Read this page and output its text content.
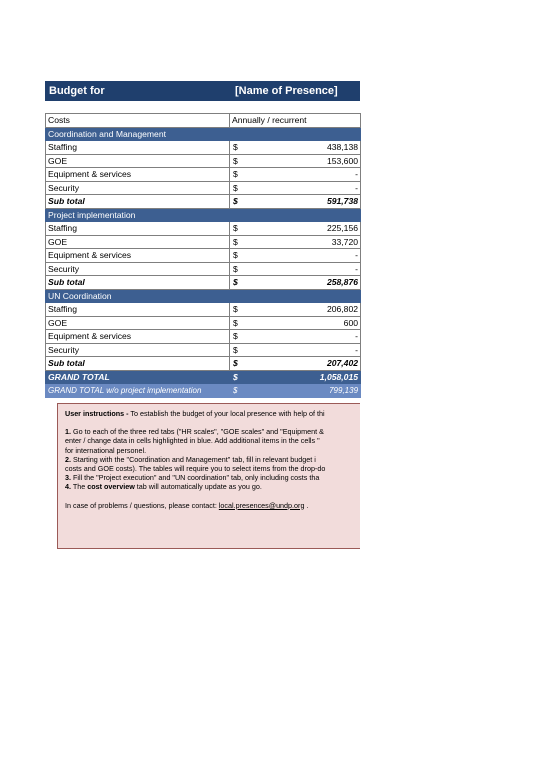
Budget for	[Name of Presence]
Costs	Annually / recurrent	
Coordination and Management		
Staffing	$	438,138
GOE	$	153,600
Equipment & services	$	-
Security	$	-
Sub total	$	591,738
Project implementation		
Staffing	$	225,156
GOE	$	33,720
Equipment & services	$	-
Security	$	-
Sub total	$	258,876
UN Coordination		
Staffing	$	206,802
GOE	$	600
Equipment & services	$	-
Security	$	-
Sub total	$	207,402
GRAND TOTAL	$	1,058,015
GRAND TOTAL w/o project implementation	$	799,139

User instructions - To establish the budget of your local presence with help of thi

1. Go to each of the three red tabs ("HR scales", "GOE scales" and "Equipment &

enter / change data in cells highlighted in blue. Add additional items in the cells "

for international personel.

2. Starting with the "Coordination and Management" tab, fill in relevant budget i

costs and GOE costs). The tables will require you to select items from the drop-do

3. Fill the "Project execution" and "UN coordination" tab, only including costs tha

4. The cost overview tab will automatically update as you go.

In case of problems / questions, please contact: local.presences@undp.org .
